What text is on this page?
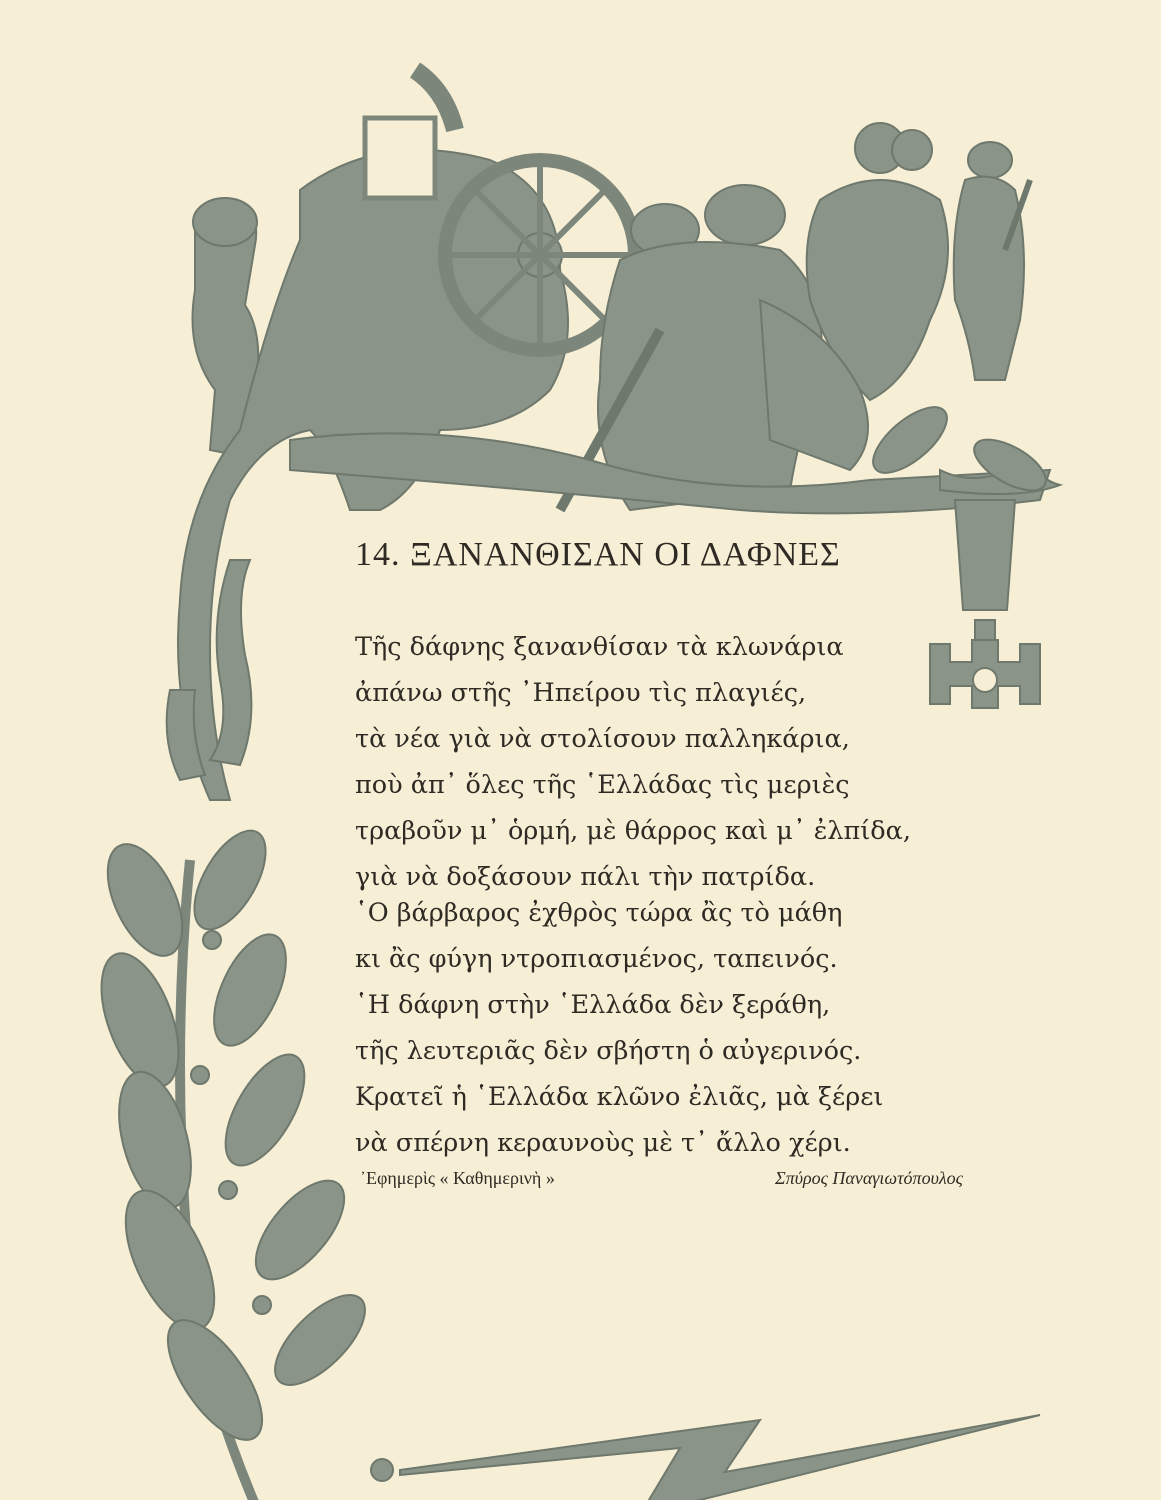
14. ΞΑΝΑΝΘΙΣΑΝ ΟΙ ΔΑΦΝΕΣ
Τῆς δάφνης ξανανθίσαν τὰ κλωνάρια
ἀπάνω στῆς ᾿Ηπείρου τὶς πλαγιές,
τὰ νέα γιὰ νὰ στολίσουν παλληκάρια,
ποὺ ἀπ᾿ ὅλες τῆς ῾Ελλάδας τὶς μεριὲς
τραβοῦν μ᾿ ὁρμή, μὲ θάρρος καὶ μ᾿ ἐλπίδα,
γιὰ νὰ δοξάσουν πάλι τὴν πατρίδα.
῾Ο βάρβαρος ἐχθρὸς τώρα ἂς τὸ μάθη
κι ἂς φύγη ντροπιασμένος, ταπεινός.
῾Η δάφνη στὴν ῾Ελλάδα δὲν ξεράθη,
τῆς λευτεριᾶς δὲν σβήστη ὁ αὐγερινός.
Κρατεῖ ἡ ῾Ελλάδα κλῶνο ἐλιᾶς, μὰ ξέρει
νὰ σπέρνη κεραυνοὺς μὲ τ᾿ ἄλλο χέρι.
᾿Εφημερὶς « Καθημερινὴ »	Σπύρος Παναγιωτόπουλος
